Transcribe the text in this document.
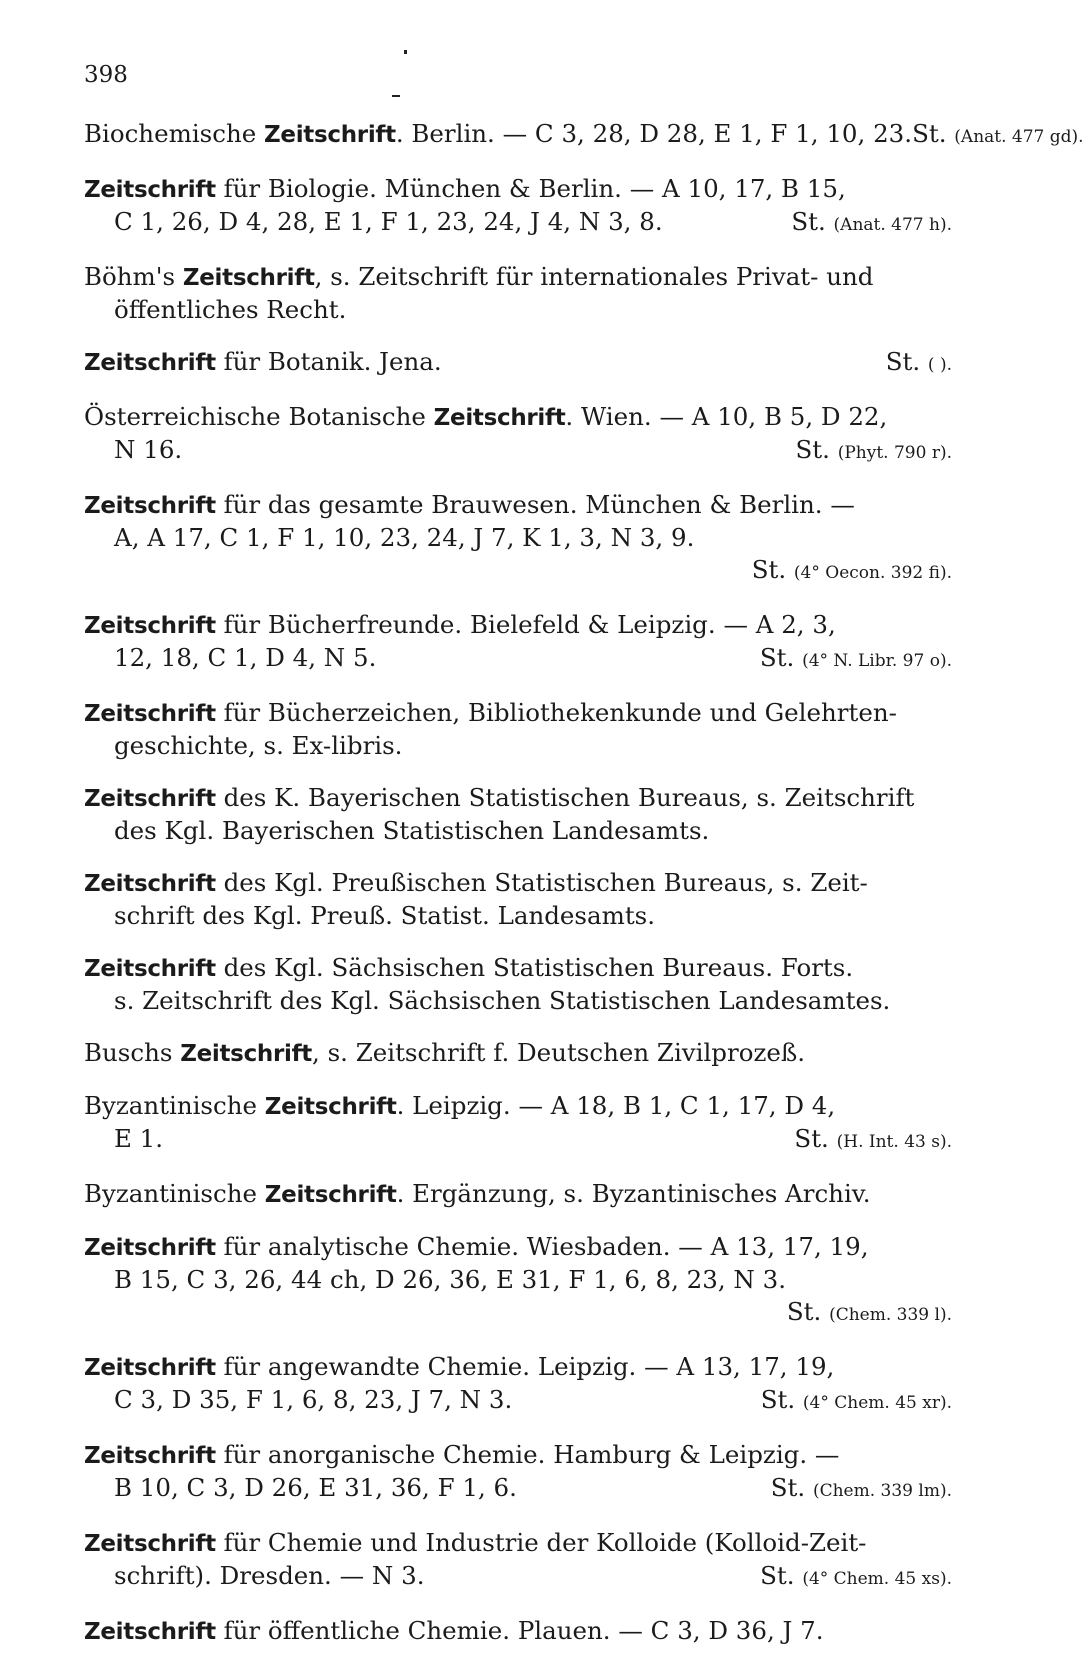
398
Biochemische Zeitschrift. Berlin. — C 3, 28, D 28, E 1, F 1, 10, 23. St. (Anat. 477 gd).
Zeitschrift für Biologie. München & Berlin. — A 10, 17, B 15,
C 1, 26, D 4, 28, E 1, F 1, 23, 24, J 4, N 3, 8.	St. (Anat. 477 h).
Böhm's Zeitschrift, s. Zeitschrift für internationales Privat- und
öffentliches Recht.
Zeitschrift für Botanik. Jena.	St. ( ).
Österreichische Botanische Zeitschrift. Wien. — A 10, B 5, D 22,
N 16.	St. (Phyt. 790 r).
Zeitschrift für das gesamte Brauwesen. München & Berlin. —
A, A 17, C 1, F 1, 10, 23, 24, J 7, K 1, 3, N 3, 9.
St. (4° Oecon. 392 fi).
Zeitschrift für Bücherfreunde. Bielefeld & Leipzig. — A 2, 3,
12, 18, C 1, D 4, N 5.	St. (4° N. Libr. 97 o).
Zeitschrift für Bücherzeichen, Bibliothekenkunde und Gelehrten-
geschichte, s. Ex-libris.
Zeitschrift des K. Bayerischen Statistischen Bureaus, s. Zeitschrift
des Kgl. Bayerischen Statistischen Landesamts.
Zeitschrift des Kgl. Preußischen Statistischen Bureaus, s. Zeit-
schrift des Kgl. Preuß. Statist. Landesamts.
Zeitschrift des Kgl. Sächsischen Statistischen Bureaus. Forts.
s. Zeitschrift des Kgl. Sächsischen Statistischen Landesamtes.
Buschs Zeitschrift, s. Zeitschrift f. Deutschen Zivilprozeß.
Byzantinische Zeitschrift. Leipzig. — A 18, B 1, C 1, 17, D 4,
E 1.	St. (H. Int. 43 s).
Byzantinische Zeitschrift. Ergänzung, s. Byzantinisches Archiv.
Zeitschrift für analytische Chemie. Wiesbaden. — A 13, 17, 19,
B 15, C 3, 26, 44 ch, D 26, 36, E 31, F 1, 6, 8, 23, N 3.
St. (Chem. 339 l).
Zeitschrift für angewandte Chemie. Leipzig. — A 13, 17, 19,
C 3, D 35, F 1, 6, 8, 23, J 7, N 3.	St. (4° Chem. 45 xr).
Zeitschrift für anorganische Chemie. Hamburg & Leipzig. —
B 10, C 3, D 26, E 31, 36, F 1, 6.	St. (Chem. 339 lm).
Zeitschrift für Chemie und Industrie der Kolloide (Kolloid-Zeit-
schrift). Dresden. — N 3.	St. (4° Chem. 45 xs).
Zeitschrift für öffentliche Chemie. Plauen. — C 3, D 36, J 7.
